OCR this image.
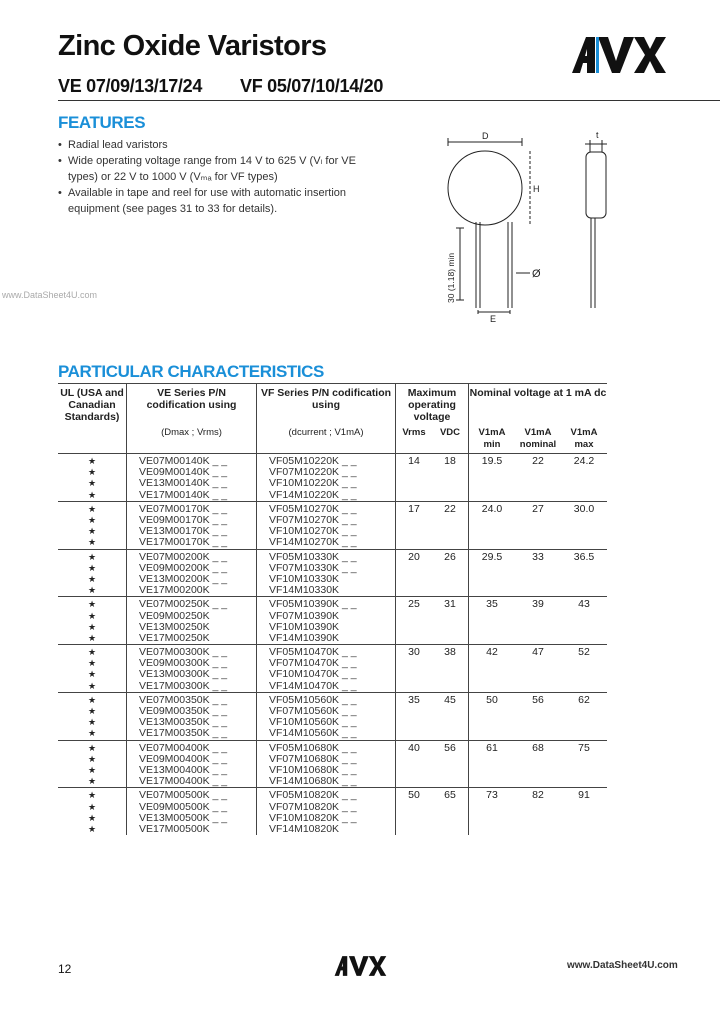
Zinc Oxide Varistors
VE 07/09/13/17/24 VF 05/07/10/14/20
www.DataSheet4U.com
FEATURES
• Radial lead varistors
• Wide operating voltage range from 14 V to 625 V (Vₗ for VE types) or 22 V to 1000 V (Vₘₐ for VF types)
• Available in tape and reel for use with automatic insertion equipment (see pages 31 to 33 for details).
D
H
E
t
Ø
30 (1.18) min
PARTICULAR CHARACTERISTICS
UL (USA and Canadian Standards)	VE Series P/N codification using	VF Series P/N codification using	Maximum operating voltage		Nominal voltage at 1 mA dc		
	(Dmax ; Vrms)	(dcurrent ; V1mA)	Vrms	VDC	V1mA min	V1mA nominal	V1mA max
★	VE07M00140K _ _	VF05M10220K _ _	14	18	19.5	22	24.2
★	VE09M00140K _ _	VF07M10220K _ _					
★	VE13M00140K _ _	VF10M10220K _ _					
★	VE17M00140K _ _	VF14M10220K _ _					
★	VE07M00170K _ _	VF05M10270K _ _	17	22	24.0	27	30.0
★	VE09M00170K _ _	VF07M10270K _ _					
★	VE13M00170K _ _	VF10M10270K _ _					
★	VE17M00170K _ _	VF14M10270K _ _					
★	VE07M00200K _ _	VF05M10330K _ _	20	26	29.5	33	36.5
★	VE09M00200K _ _	VF07M10330K _ _					
★	VE13M00200K _ _	VF10M10330K					
★	VE17M00200K	VF14M10330K					
★	VE07M00250K _ _	VF05M10390K _ _	25	31	35	39	43
★	VE09M00250K	VF07M10390K					
★	VE13M00250K	VF10M10390K					
★	VE17M00250K	VF14M10390K					
★	VE07M00300K _ _	VF05M10470K _ _	30	38	42	47	52
★	VE09M00300K _ _	VF07M10470K _ _					
★	VE13M00300K _ _	VF10M10470K _ _					
★	VE17M00300K _ _	VF14M10470K _ _					
★	VE07M00350K _ _	VF05M10560K _ _	35	45	50	56	62
★	VE09M00350K _ _	VF07M10560K _ _					
★	VE13M00350K _ _	VF10M10560K _ _					
★	VE17M00350K _ _	VF14M10560K _ _					
★	VE07M00400K _ _	VF05M10680K _ _	40	56	61	68	75
★	VE09M00400K _ _	VF07M10680K _ _					
★	VE13M00400K _ _	VF10M10680K _ _					
★	VE17M00400K _ _	VF14M10680K _ _					
★	VE07M00500K _ _	VF05M10820K _ _	50	65	73	82	91
★	VE09M00500K _ _	VF07M10820K _ _					
★	VE13M00500K _ _	VF10M10820K _ _					
★	VE17M00500K	VF14M10820K					
12	www.DataSheet4U.com
